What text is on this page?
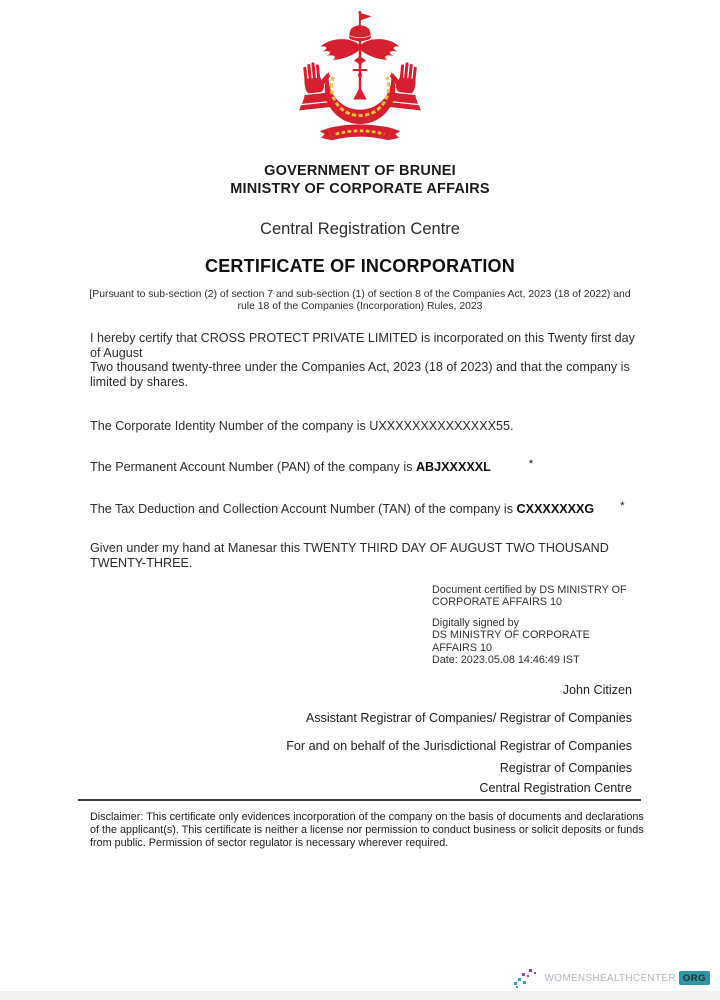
GOVERNMENT OF BRUNEI
MINISTRY OF CORPORATE AFFAIRS
Central Registration Centre
CERTIFICATE OF INCORPORATION
[Pursuant to sub-section (2) of section 7 and sub-section (1) of section 8 of the Companies Act, 2023 (18 of 2022) and
rule 18 of the Companies (Incorporation) Rules, 2023
I hereby certify that CROSS PROTECT PRIVATE LIMITED is incorporated on this Twenty first day
of August
Two thousand twenty-three under the Companies Act, 2023 (18 of 2023) and that the company is
limited by shares.
The Corporate Identity Number of the company is UXXXXXXXXXXXXXX55.
The Permanent Account Number (PAN) of the company is ABJXXXXXL	*
The Tax Deduction and Collection Account Number (TAN) of the company is CXXXXXXXG *
Given under my hand at Manesar this TWENTY THIRD DAY OF AUGUST TWO THOUSAND
TWENTY-THREE.
Document certified by DS MINISTRY OF
CORPORATE AFFAIRS 10
Digitally signed by
DS MINISTRY OF CORPORATE
AFFAIRS 10
Date: 2023.05.08 14:46:49 IST
John Citizen
Assistant Registrar of Companies/ Registrar of Companies
For and on behalf of the Jurisdictional Registrar of Companies
Registrar of Companies
Central Registration Centre
Disclaimer: This certificate only evidences incorporation of the company on the basis of documents and declarations
of the applicant(s). This certificate is neither a license nor permission to conduct business or solicit deposits or funds
from public. Permission of sector regulator is necessary wherever required.
WOMENSHEALTHCENTER ORG
